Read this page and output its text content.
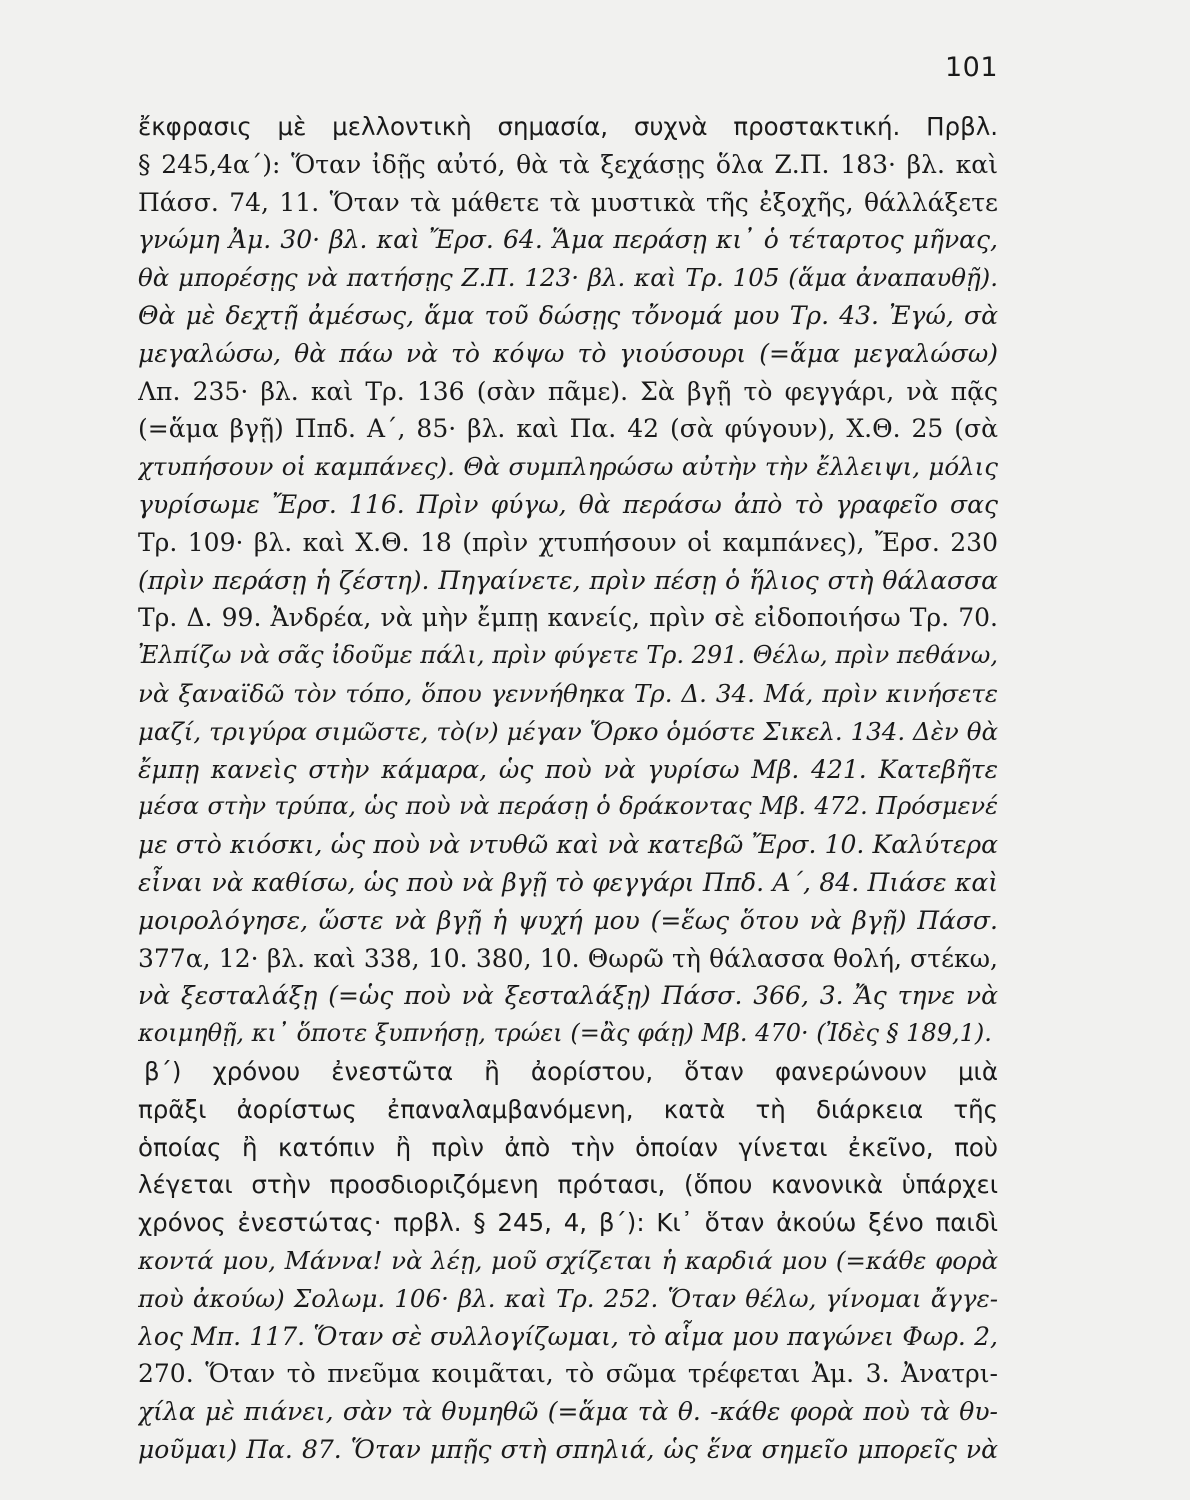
101
ἔκφρασις μὲ μελλοντικὴ σημασία, συχνὰ προστακτική. Πρβλ.
§ 245,4α΄): Ὅταν ἰδῇς αὐτό, θὰ τὰ ξεχάσῃς ὅλα Ζ.Π. 183· βλ. καὶ
Πάσσ. 74, 11. Ὅταν τὰ μάθετε τὰ μυστικὰ τῆς ἐξοχῆς, θάλλάξετε
γνώμη Ἀμ. 30· βλ. καὶ Ἔρσ. 64. Ἅμα περάσῃ κι᾿ ὁ τέταρτος μῆνας,
θὰ μπορέσῃς νὰ πατήσῃς Ζ.Π. 123· βλ. καὶ Τρ. 105 (ἅμα ἀναπαυθῇ).
Θὰ μὲ δεχτῇ ἀμέσως, ἅμα τοῦ δώσῃς τὄνομά μου Τρ. 43. Ἐγώ, σὰ
μεγαλώσω, θὰ πάω νὰ τὸ κόψω τὸ γιούσουρι (=ἅμα μεγαλώσω)
Λπ. 235· βλ. καὶ Τρ. 136 (σὰν πᾶμε). Σὰ βγῇ τὸ φεγγάρι, νὰ πᾷς
(=ἅμα βγῇ) Ππδ. Α΄, 85· βλ. καὶ Πα. 42 (σὰ φύγουν), Χ.Θ. 25 (σὰ
χτυπήσουν οἱ καμπάνες). Θὰ συμπληρώσω αὐτὴν τὴν ἔλλειψι, μόλις
γυρίσωμε Ἔρσ. 116. Πρὶν φύγω, θὰ περάσω ἀπὸ τὸ γραφεῖο σας
Τρ. 109· βλ. καὶ Χ.Θ. 18 (πρὶν χτυπήσουν οἱ καμπάνες), Ἔρσ. 230
(πρὶν περάσῃ ἡ ζέστη). Πηγαίνετε, πρὶν πέσῃ ὁ ἥλιος στὴ θάλασσα
Τρ. Δ. 99. Ἀνδρέα, νὰ μὴν ἔμπῃ κανείς, πρὶν σὲ εἰδοποιήσω Τρ. 70.
Ἐλπίζω νὰ σᾶς ἰδοῦμε πάλι, πρὶν φύγετε Τρ. 291. Θέλω, πρὶν πεθάνω,
νὰ ξαναϊδῶ τὸν τόπο, ὅπου γεννήθηκα Τρ. Δ. 34. Μά, πρὶν κινήσετε
μαζί, τριγύρα σιμῶστε, τὸ(ν) μέγαν Ὅρκο ὁμόστε Σικελ. 134. Δὲν θὰ
ἔμπῃ κανεὶς στὴν κάμαρα, ὡς ποὺ νὰ γυρίσω Μβ. 421. Κατεβῆτε
μέσα στὴν τρύπα, ὡς ποὺ νὰ περάσῃ ὁ δράκοντας Μβ. 472. Πρόσμενέ
με στὸ κιόσκι, ὡς ποὺ νὰ ντυθῶ καὶ νὰ κατεβῶ Ἔρσ. 10. Καλύτερα
εἶναι νὰ καθίσω, ὡς ποὺ νὰ βγῇ τὸ φεγγάρι Ππδ. Α΄, 84. Πιάσε καὶ
μοιρολόγησε, ὥστε νὰ βγῇ ἡ ψυχή μου (=ἕως ὅτου νὰ βγῇ) Πάσσ.
377α, 12· βλ. καὶ 338, 10. 380, 10. Θωρῶ τὴ θάλασσα θολή, στέκω,
νὰ ξεσταλάξῃ (=ὡς ποὺ νὰ ξεσταλάξῃ) Πάσσ. 366, 3. Ἄς τηνε νὰ
κοιμηθῇ, κι᾿ ὅποτε ξυπνήσῃ, τρώει (=ἂς φάῃ) Μβ. 470· (Ἰδὲς § 189,1).
β΄) χρόνου ἐνεστῶτα ἢ ἀορίστου, ὅταν φανερώνουν μιὰ
πρᾶξι ἀορίστως ἐπαναλαμβανόμενη, κατὰ τὴ διάρκεια τῆς
ὁποίας ἢ κατόπιν ἢ πρὶν ἀπὸ τὴν ὁποίαν γίνεται ἐκεῖνο, ποὺ
λέγεται στὴν προσδιοριζόμενη πρότασι, (ὅπου κανονικὰ ὑπάρχει
χρόνος ἐνεστώτας· πρβλ. § 245, 4, β΄): Κι᾿ ὅταν ἀκούω ξένο παιδὶ
κοντά μου, Μάννα! νὰ λέῃ, μοῦ σχίζεται ἡ καρδιά μου (=κάθε φορὰ
ποὺ ἀκούω) Σολωμ. 106· βλ. καὶ Τρ. 252. Ὅταν θέλω, γίνομαι ἄγγε-
λος Μπ. 117. Ὅταν σὲ συλλογίζωμαι, τὸ αἷμα μου παγώνει Φωρ. 2,
270. Ὅταν τὸ πνεῦμα κοιμᾶται, τὸ σῶμα τρέφεται Ἀμ. 3. Ἀνατρι-
χίλα μὲ πιάνει, σὰν τὰ θυμηθῶ (=ἅμα τὰ θ. -κάθε φορὰ ποὺ τὰ θυ-
μοῦμαι) Πα. 87. Ὅταν μπῇς στὴ σπηλιά, ὡς ἕνα σημεῖο μπορεῖς νὰ
